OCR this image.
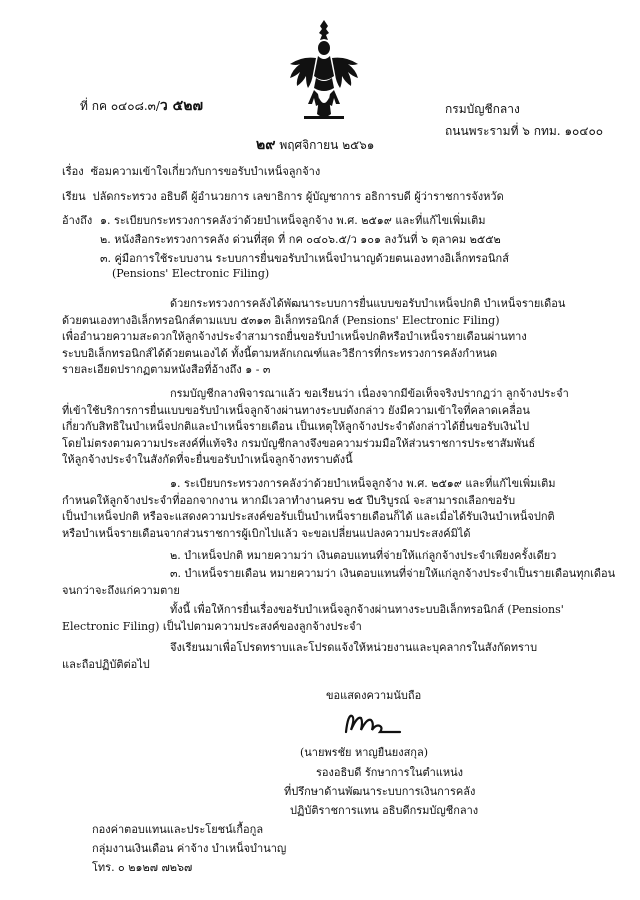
ที่ กค ๐๔๐๘.๓/ว ๕๒๗	กรมบัญชีกลาง
ถนนพระรามที่ ๖ กทม. ๑๐๔๐๐
๒๙ พฤศจิกายน ๒๕๖๑
เรื่อง ซ้อมความเข้าใจเกี่ยวกับการขอรับบำเหน็จลูกจ้าง
เรียน ปลัดกระทรวง อธิบดี ผู้อำนวยการ เลขาธิการ ผู้บัญชาการ อธิการบดี ผู้ว่าราชการจังหวัด
อ้างถึง ๑. ระเบียบกระทรวงการคลังว่าด้วยบำเหน็จลูกจ้าง พ.ศ. ๒๕๑๙ และที่แก้ไขเพิ่มเติม
๒. หนังสือกระทรวงการคลัง ด่วนที่สุด ที่ กค ๐๔๐๖.๕/ว ๑๐๑ ลงวันที่ ๖ ตุลาคม ๒๕๕๒
๓. คู่มือการใช้ระบบงาน ระบบการยื่นขอรับบำเหน็จบำนาญด้วยตนเองทางอิเล็กทรอนิกส์
(Pensions' Electronic Filing)
ด้วยกระทรวงการคลังได้พัฒนาระบบการยื่นแบบขอรับบำเหน็จปกติ บำเหน็จรายเดือน
ด้วยตนเองทางอิเล็กทรอนิกส์ตามแบบ ๕๓๑๓ อิเล็กทรอนิกส์ (Pensions' Electronic Filing)
เพื่ออำนวยความสะดวกให้ลูกจ้างประจำสามารถยื่นขอรับบำเหน็จปกติหรือบำเหน็จรายเดือนผ่านทาง
ระบบอิเล็กทรอนิกส์ได้ด้วยตนเองได้ ทั้งนี้ตามหลักเกณฑ์และวิธีการที่กระทรวงการคลังกำหนด
รายละเอียดปรากฏตามหนังสือที่อ้างถึง ๑ - ๓
กรมบัญชีกลางพิจารณาแล้ว ขอเรียนว่า เนื่องจากมีข้อเท็จจริงปรากฏว่า ลูกจ้างประจำ
ที่เข้าใช้บริการการยื่นแบบขอรับบำเหน็จลูกจ้างผ่านทางระบบดังกล่าว ยังมีความเข้าใจที่คลาดเคลื่อน
เกี่ยวกับสิทธิในบำเหน็จปกติและบำเหน็จรายเดือน เป็นเหตุให้ลูกจ้างประจำดังกล่าวได้ยื่นขอรับเงินไป
โดยไม่ตรงตามความประสงค์ที่แท้จริง กรมบัญชีกลางจึงขอความร่วมมือให้ส่วนราชการประชาสัมพันธ์
ให้ลูกจ้างประจำในสังกัดที่จะยื่นขอรับบำเหน็จลูกจ้างทราบดังนี้
๑. ระเบียบกระทรวงการคลังว่าด้วยบำเหน็จลูกจ้าง พ.ศ. ๒๕๑๙ และที่แก้ไขเพิ่มเติม
กำหนดให้ลูกจ้างประจำที่ออกจากงาน หากมีเวลาทำงานครบ ๒๕ ปีบริบูรณ์ จะสามารถเลือกขอรับ
เป็นบำเหน็จปกติ หรือจะแสดงความประสงค์ขอรับเป็นบำเหน็จรายเดือนก็ได้ และเมื่อได้รับเงินบำเหน็จปกติ
หรือบำเหน็จรายเดือนจากส่วนราชการผู้เบิกไปแล้ว จะขอเปลี่ยนแปลงความประสงค์มิได้
๒. บำเหน็จปกติ หมายความว่า เงินตอบแทนที่จ่ายให้แก่ลูกจ้างประจำเพียงครั้งเดียว
๓. บำเหน็จรายเดือน หมายความว่า เงินตอบแทนที่จ่ายให้แก่ลูกจ้างประจำเป็นรายเดือนทุกเดือน
จนกว่าจะถึงแก่ความตาย
ทั้งนี้ เพื่อให้การยื่นเรื่องขอรับบำเหน็จลูกจ้างผ่านทางระบบอิเล็กทรอนิกส์ (Pensions'
Electronic Filing) เป็นไปตามความประสงค์ของลูกจ้างประจำ
จึงเรียนมาเพื่อโปรดทราบและโปรดแจ้งให้หน่วยงานและบุคลากรในสังกัดทราบ
และถือปฏิบัติต่อไป
ขอแสดงความนับถือ
(นายพรชัย หาญยืนยงสกุล)
รองอธิบดี รักษาการในตำแหน่ง
ที่ปรึกษาด้านพัฒนาระบบการเงินการคลัง
ปฏิบัติราชการแทน อธิบดีกรมบัญชีกลาง
กองค่าตอบแทนและประโยชน์เกื้อกูล
กลุ่มงานเงินเดือน ค่าจ้าง บำเหน็จบำนาญ
โทร. ๐ ๒๑๒๗ ๗๒๖๗
